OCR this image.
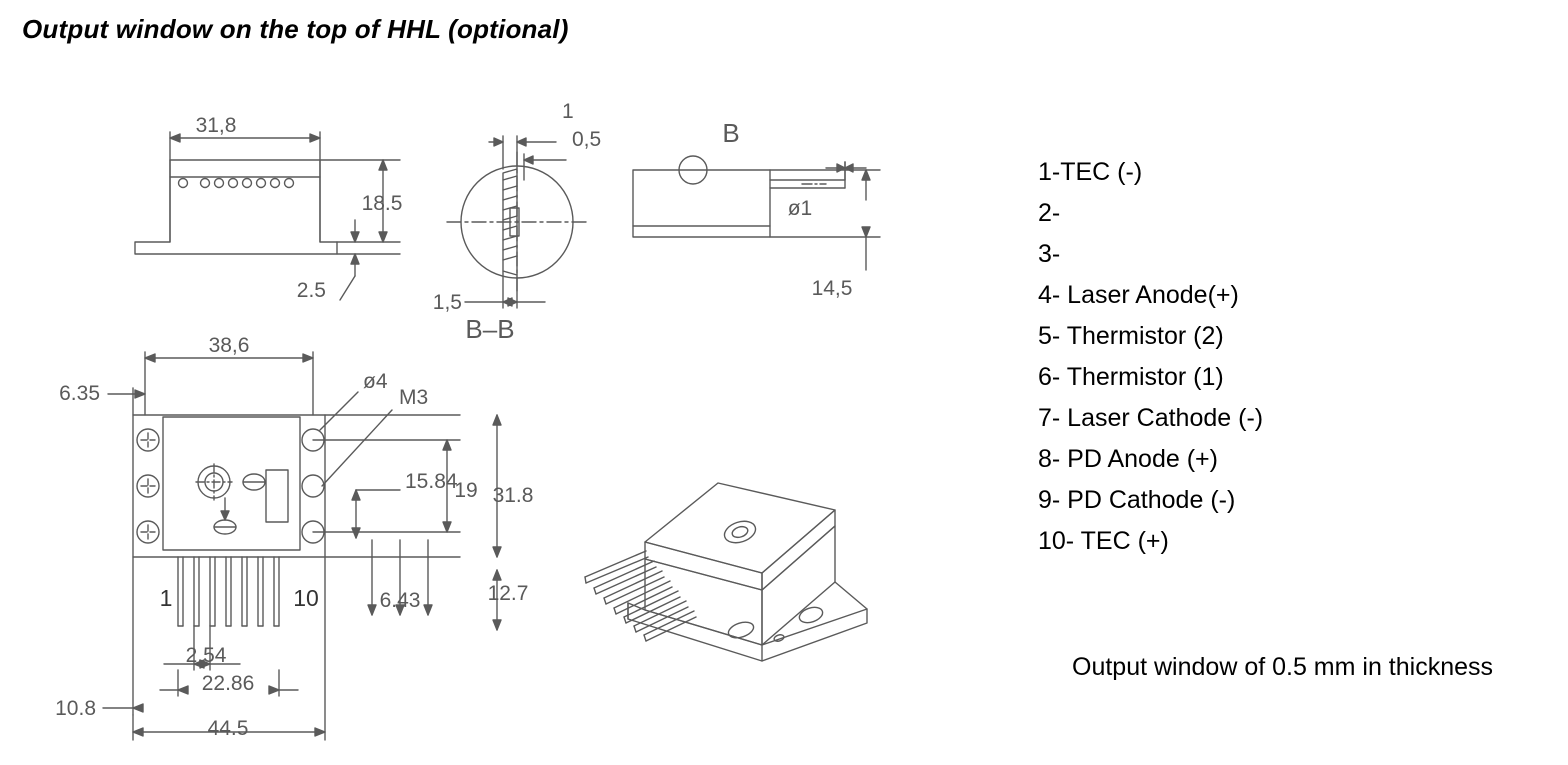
Output window on the top of HHL (optional)
31,8
18.5
2.5
1
0,5
1,5
B–B
B
ø1
14,5
38,6
6.35
ø4
M3
15.84
19 31.8
6.43	12.7
2.54
22.86
10.8
44.5
1	10
1-TEC (-)
2-
3-
4- Laser Anode(+)
5- Thermistor (2)
6- Thermistor (1)
7- Laser Cathode (-)
8- PD Anode (+)
9- PD Cathode (-)
10- TEC (+)
Output window of 0.5 mm in thickness
